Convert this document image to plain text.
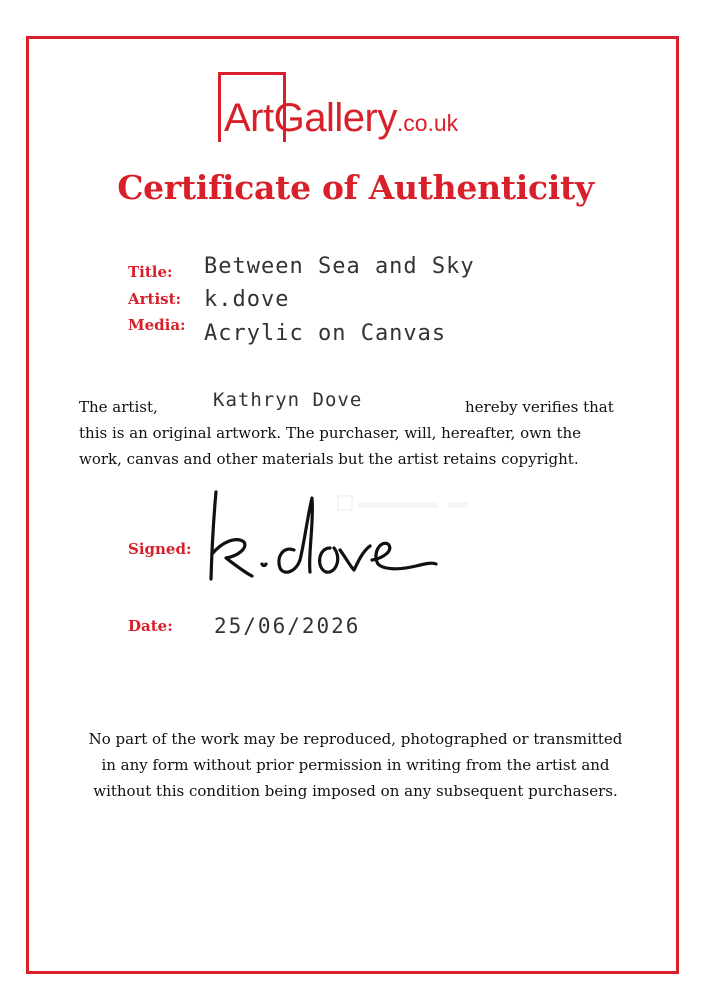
ArtGallery.co.uk
Certificate of Authenticity
Title: Between Sea and Sky
Artist: k.dove
Media: Acrylic on Canvas
The artist,	Kathryn Dove	hereby verifies that
this is an original artwork. The purchaser, will, hereafter, own the
work, canvas and other materials but the artist retains copyright.
Signed:
Date: 25/06/2026
No part of the work may be reproduced, photographed or transmitted
in any form without prior permission in writing from the artist and
without this condition being imposed on any subsequent purchasers.
